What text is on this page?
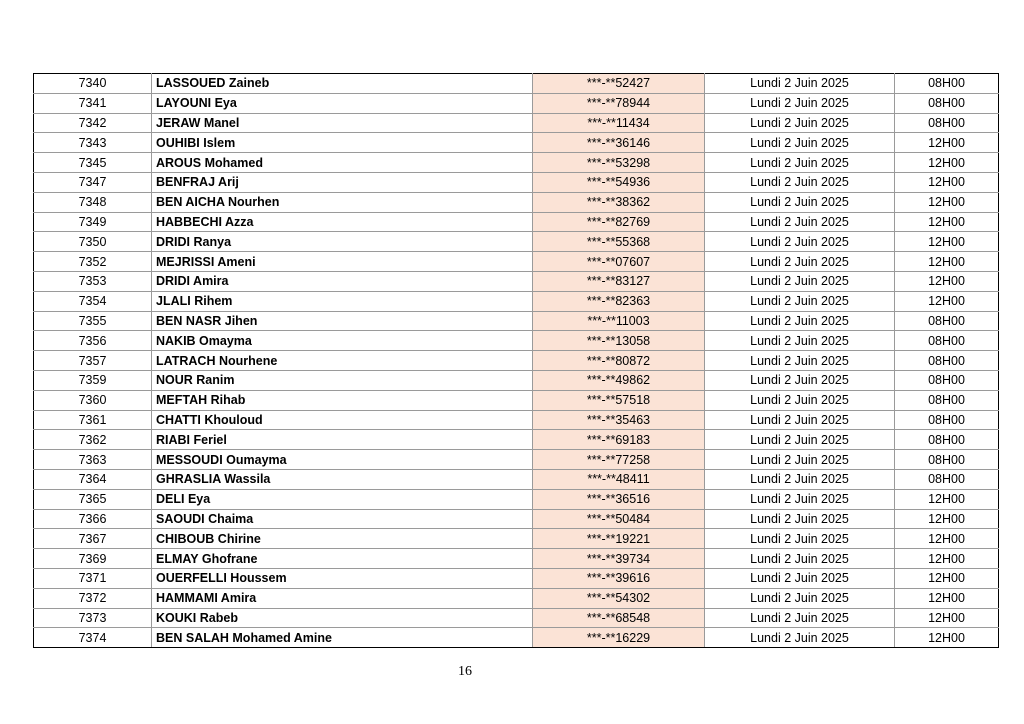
7340	LASSOUED Zaineb	***-**52427	Lundi 2 Juin 2025	08H00
7341	LAYOUNI Eya	***-**78944	Lundi 2 Juin 2025	08H00
7342	JERAW Manel	***-**11434	Lundi 2 Juin 2025	08H00
7343	OUHIBI Islem	***-**36146	Lundi 2 Juin 2025	12H00
7345	AROUS Mohamed	***-**53298	Lundi 2 Juin 2025	12H00
7347	BENFRAJ Arij	***-**54936	Lundi 2 Juin 2025	12H00
7348	BEN AICHA Nourhen	***-**38362	Lundi 2 Juin 2025	12H00
7349	HABBECHI Azza	***-**82769	Lundi 2 Juin 2025	12H00
7350	DRIDI Ranya	***-**55368	Lundi 2 Juin 2025	12H00
7352	MEJRISSI Ameni	***-**07607	Lundi 2 Juin 2025	12H00
7353	DRIDI Amira	***-**83127	Lundi 2 Juin 2025	12H00
7354	JLALI Rihem	***-**82363	Lundi 2 Juin 2025	12H00
7355	BEN NASR Jihen	***-**11003	Lundi 2 Juin 2025	08H00
7356	NAKIB Omayma	***-**13058	Lundi 2 Juin 2025	08H00
7357	LATRACH Nourhene	***-**80872	Lundi 2 Juin 2025	08H00
7359	NOUR Ranim	***-**49862	Lundi 2 Juin 2025	08H00
7360	MEFTAH Rihab	***-**57518	Lundi 2 Juin 2025	08H00
7361	CHATTI Khouloud	***-**35463	Lundi 2 Juin 2025	08H00
7362	RIABI Feriel	***-**69183	Lundi 2 Juin 2025	08H00
7363	MESSOUDI Oumayma	***-**77258	Lundi 2 Juin 2025	08H00
7364	GHRASLIA Wassila	***-**48411	Lundi 2 Juin 2025	08H00
7365	DELI Eya	***-**36516	Lundi 2 Juin 2025	12H00
7366	SAOUDI Chaima	***-**50484	Lundi 2 Juin 2025	12H00
7367	CHIBOUB Chirine	***-**19221	Lundi 2 Juin 2025	12H00
7369	ELMAY Ghofrane	***-**39734	Lundi 2 Juin 2025	12H00
7371	OUERFELLI Houssem	***-**39616	Lundi 2 Juin 2025	12H00
7372	HAMMAMI Amira	***-**54302	Lundi 2 Juin 2025	12H00
7373	KOUKI Rabeb	***-**68548	Lundi 2 Juin 2025	12H00
7374	BEN SALAH Mohamed Amine	***-**16229	Lundi 2 Juin 2025	12H00
16
